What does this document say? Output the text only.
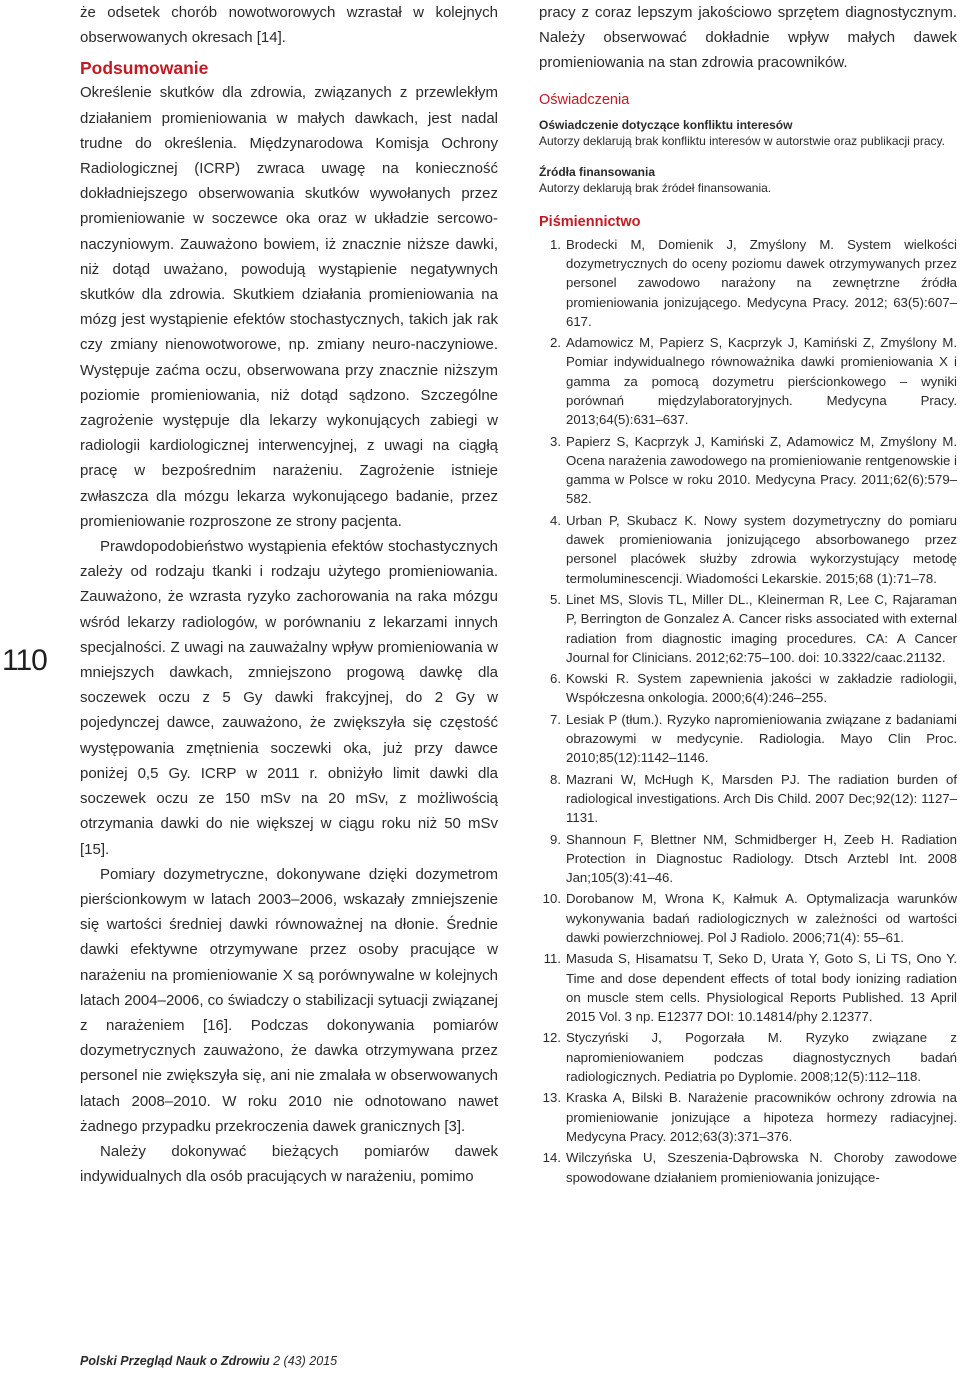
110

że odsetek chorób nowotworowych wzrastał w kolejnych obserwowanych okresach [14].

Podsumowanie

Określenie skutków dla zdrowia, związanych z przewlekłym działaniem promieniowania w małych dawkach, jest nadal trudne do określenia. Międzynarodowa Komisja Ochrony Radiologicznej (ICRP) zwraca uwagę na konieczność dokładniejszego obserwowania skutków wywołanych przez promieniowanie w soczewce oka oraz w układzie sercowo-naczyniowym. Zauważono bowiem, iż znacznie niższe dawki, niż dotąd uważano, powodują wystąpienie negatywnych skutków dla zdrowia. Skutkiem działania promieniowania na mózg jest wystąpienie efektów stochastycznych, takich jak rak czy zmiany nienowotworowe, np. zmiany neuro-naczyniowe. Występuje zaćma oczu, obserwowana przy znacznie niższym poziomie promieniowania, niż dotąd sądzono. Szczególne zagrożenie występuje dla lekarzy wykonujących zabiegi w radiologii kardiologicznej interwencyjnej, z uwagi na ciągłą pracę w bezpośrednim narażeniu. Zagrożenie istnieje zwłaszcza dla mózgu lekarza wykonującego badanie, przez promieniowanie rozproszone ze strony pacjenta.

Prawdopodobieństwo wystąpienia efektów stochastycznych zależy od rodzaju tkanki i rodzaju użytego promieniowania. Zauważono, że wzrasta ryzyko zachorowania na raka mózgu wśród lekarzy radiologów, w porównaniu z lekarzami innych specjalności. Z uwagi na zauważalny wpływ promieniowania w mniejszych dawkach, zmniejszono progową dawkę dla soczewek oczu z 5 Gy dawki frakcyjnej, do 2 Gy w pojedynczej dawce, zauważono, że zwiększyła się częstość występowania zmętnienia soczewki oka, już przy dawce poniżej 0,5 Gy. ICRP w 2011 r. obniżyło limit dawki dla soczewek oczu ze 150 mSv na 20 mSv, z możliwością otrzymania dawki do nie większej w ciągu roku niż 50 mSv [15].

Pomiary dozymetryczne, dokonywane dzięki dozymetrom pierścionkowym w latach 2003–2006, wskazały zmniejszenie się wartości średniej dawki równoważnej na dłonie. Średnie dawki efektywne otrzymywane przez osoby pracujące w narażeniu na promieniowanie X są porównywalne w kolejnych latach 2004–2006, co świadczy o stabilizacji sytuacji związanej z narażeniem [16]. Podczas dokonywania pomiarów dozymetrycznych zauważono, że dawka otrzymywana przez personel nie zwiększyła się, ani nie zmalała w obserwowanych latach 2008–2010. W roku 2010 nie odnotowano nawet żadnego przypadku przekroczenia dawek granicznych [3].

Należy dokonywać bieżących pomiarów dawek indywidualnych dla osób pracujących w narażeniu, pomimo

pracy z coraz lepszym jakościowo sprzętem diagnostycznym. Należy obserwować dokładnie wpływ małych dawek promieniowania na stan zdrowia pracowników.

Oświadczenia
Oświadczenie dotyczące konfliktu interesów

Autorzy deklarują brak konfliktu interesów w autorstwie oraz publikacji pracy.

Źródła finansowania

Autorzy deklarują brak źródeł finansowania.

Piśmiennictwo
1. Brodecki M, Domienik J, Zmyślony M. System wielkości dozymetrycznych do oceny poziomu dawek otrzymywanych przez personel zawodowo narażony na zewnętrzne źródła promieniowania jonizującego. Medycyna Pracy. 2012; 63(5):607–617.
2. Adamowicz M, Papierz S, Kacprzyk J, Kamiński Z, Zmyślony M. Pomiar indywidualnego równoważnika dawki promieniowania X i gamma za pomocą dozymetru pierścionkowego – wyniki porównań międzylaboratoryjnych. Medycyna Pracy. 2013;64(5):631–637.
3. Papierz S, Kacprzyk J, Kamiński Z, Adamowicz M, Zmyślony M. Ocena narażenia zawodowego na promieniowanie rentgenowskie i gamma w Polsce w roku 2010. Medycyna Pracy. 2011;62(6):579–582.
4. Urban P, Skubacz K. Nowy system dozymetryczny do pomiaru dawek promieniowania jonizującego absorbowanego przez personel placówek służby zdrowia wykorzystujący metodę termoluminescencji. Wiadomości Lekarskie. 2015;68 (1):71–78.
5. Linet MS, Slovis TL, Miller DL., Kleinerman R, Lee C, Rajaraman P, Berrington de Gonzalez A. Cancer risks associated with external radiation from diagnostic imaging procedures. CA: A Cancer Journal for Clinicians. 2012;62:75–100. doi: 10.3322/caac.21132.
6. Kowski R. System zapewnienia jakości w zakładzie radiologii, Współczesna onkologia. 2000;6(4):246–255.
7. Lesiak P (tłum.). Ryzyko napromieniowania związane z badaniami obrazowymi w medycynie. Radiologia. Mayo Clin Proc. 2010;85(12):1142–1146.
8. Mazrani W, McHugh K, Marsden PJ. The radiation burden of radiological investigations. Arch Dis Child. 2007 Dec;92(12): 1127–1131.
9. Shannoun F, Blettner NM, Schmidberger H, Zeeb H. Radiation Protection in Diagnostuc Radiology. Dtsch Arztebl Int. 2008 Jan;105(3):41–46.
10. Dorobanow M, Wrona K, Kałmuk A. Optymalizacja warunków wykonywania badań radiologicznych w zależności od wartości dawki powierzchniowej. Pol J Radiolo. 2006;71(4): 55–61.
11. Masuda S, Hisamatsu T, Seko D, Urata Y, Goto S, Li TS, Ono Y. Time and dose dependent effects of total body ionizing radiation on muscle stem cells. Physiological Reports Published. 13 April 2015 Vol. 3 np. E12377 DOI: 10.14814/phy 2.12377.
12. Styczyński J, Pogorzała M. Ryzyko związane z napromieniowaniem podczas diagnostycznych badań radiologicznych. Pediatria po Dyplomie. 2008;12(5):112–118.
13. Kraska A, Bilski B. Narażenie pracowników ochrony zdrowia na promieniowanie jonizujące a hipoteza hormezy radiacyjnej. Medycyna Pracy. 2012;63(3):371–376.
14. Wilczyńska U, Szeszenia-Dąbrowska N. Choroby zawodowe spowodowane działaniem promieniowania jonizujące-
Polski Przegląd Nauk o Zdrowiu 2 (43) 2015
